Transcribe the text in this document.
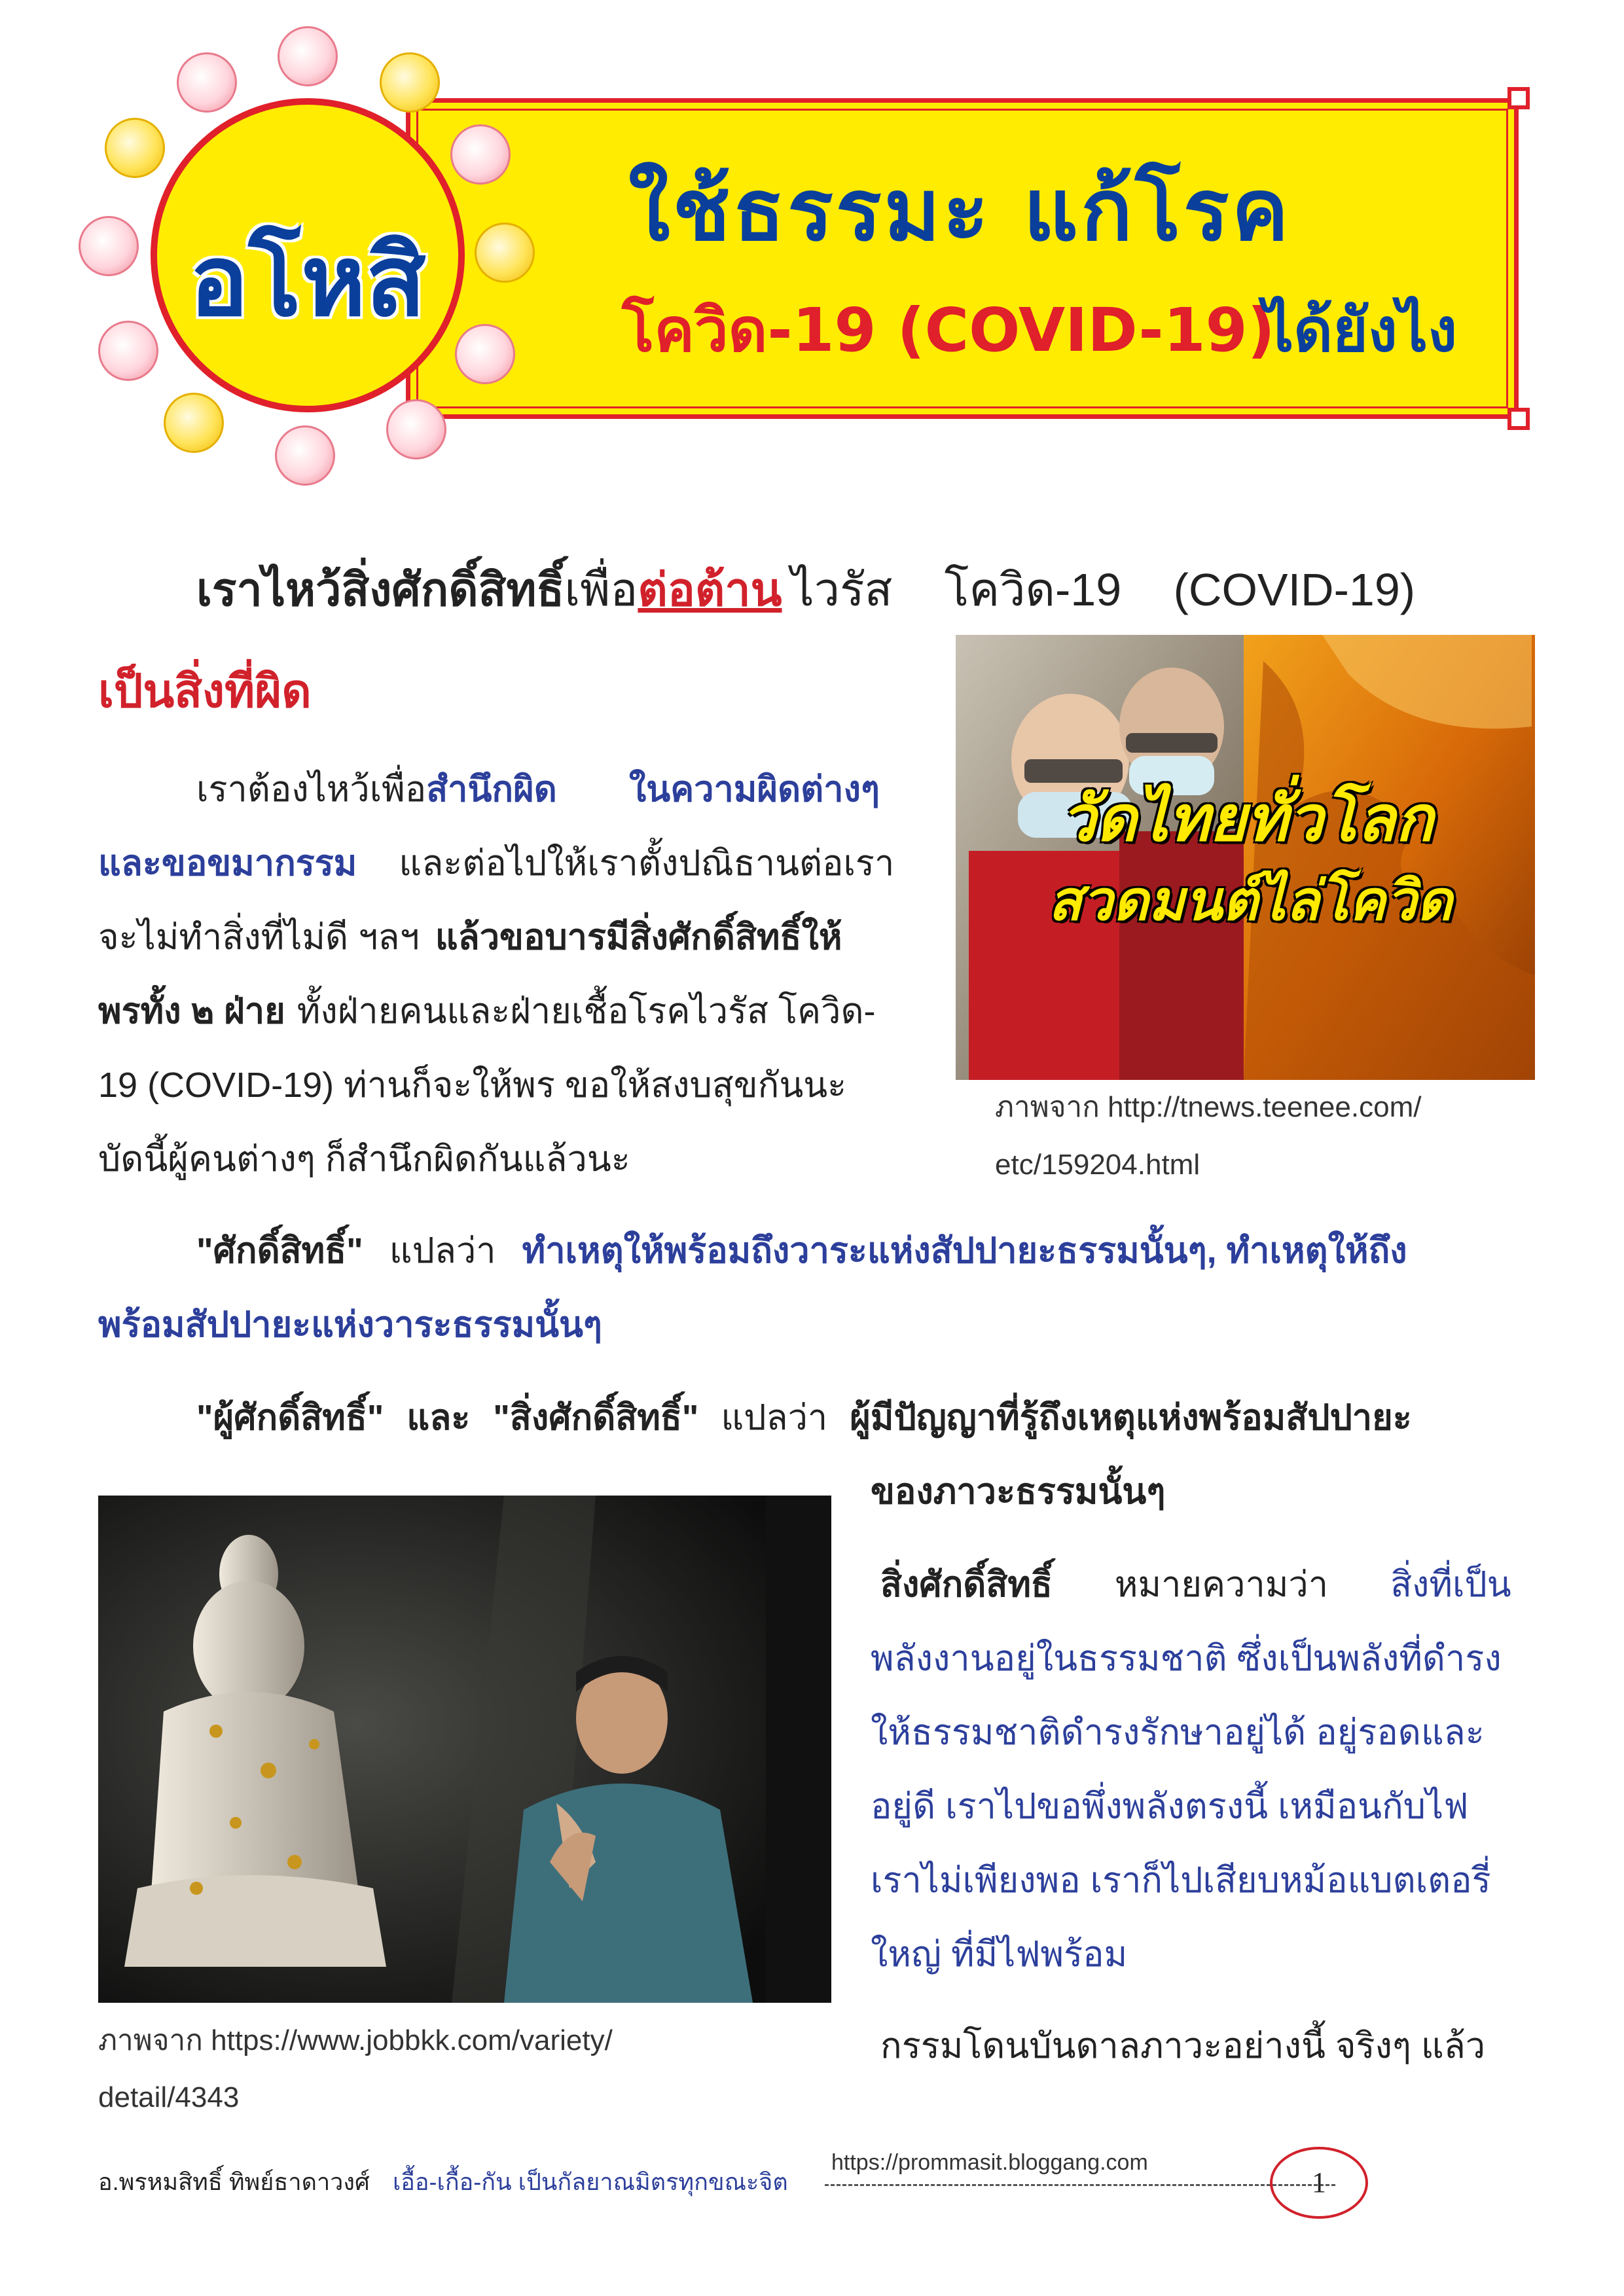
ใช้ธรรมะ แก้โรค
โควิด-19 (COVID-19)
ได้ยังไง
อโหสิ
เราไหว้สิ่งศักดิ์สิทธิ์เพื่อต่อต้าน ไวรัส โควิด-19 (COVID-19)
เป็นสิ่งที่ผิด
เราต้องไหว้เพื่อสำนึกผิด ในความผิดต่างๆ
และขอขมากรรม และต่อไปให้เราตั้งปณิธานต่อเรา
จะไม่ทำสิ่งที่ไม่ดี ฯลฯ แล้วขอบารมีสิ่งศักดิ์สิทธิ์ให้
พรทั้ง ๒ ฝ่าย ทั้งฝ่ายคนและฝ่ายเชื้อโรคไวรัส โควิด-
19 (COVID-19) ท่านก็จะให้พร ขอให้สงบสุขกันนะ
บัดนี้ผู้คนต่างๆ ก็สำนึกผิดกันแล้วนะ
วัดไทยทั่วโลก
สวดมนต์ไล่โควิด
ภาพจาก http://tnews.teenee.com/
etc/159204.html
"ศักดิ์สิทธิ์" แปลว่า ทำเหตุให้พร้อมถึงวาระแห่งสัปปายะธรรมนั้นๆ, ทำเหตุให้ถึง
พร้อมสัปปายะแห่งวาระธรรมนั้นๆ
"ผู้ศักดิ์สิทธิ์" และ "สิ่งศักดิ์สิทธิ์" แปลว่า ผู้มีปัญญาที่รู้ถึงเหตุแห่งพร้อมสัปปายะ
ของภาวะธรรมนั้นๆ
ภาพจาก https://www.jobbkk.com/variety/
detail/4343
สิ่งศักดิ์สิทธิ์ หมายความว่า สิ่งที่เป็น
พลังงานอยู่ในธรรมชาติ ซึ่งเป็นพลังที่ดำรง
ให้ธรรมชาติดำรงรักษาอยู่ได้ อยู่รอดและ
อยู่ดี เราไปขอพึ่งพลังตรงนี้ เหมือนกับไฟ
เราไม่เพียงพอ เราก็ไปเสียบหม้อแบตเตอรี่
ใหญ่ ที่มีไฟพร้อม
กรรมโดนบันดาลภาวะอย่างนี้ จริงๆ แล้ว
อ.พรหมสิทธิ์ ทิพย์ธาดาวงศ์ เอื้อ-เกื้อ-กัน เป็นกัลยาณมิตรทุกขณะจิต
https://prommasit.bloggang.com
1
